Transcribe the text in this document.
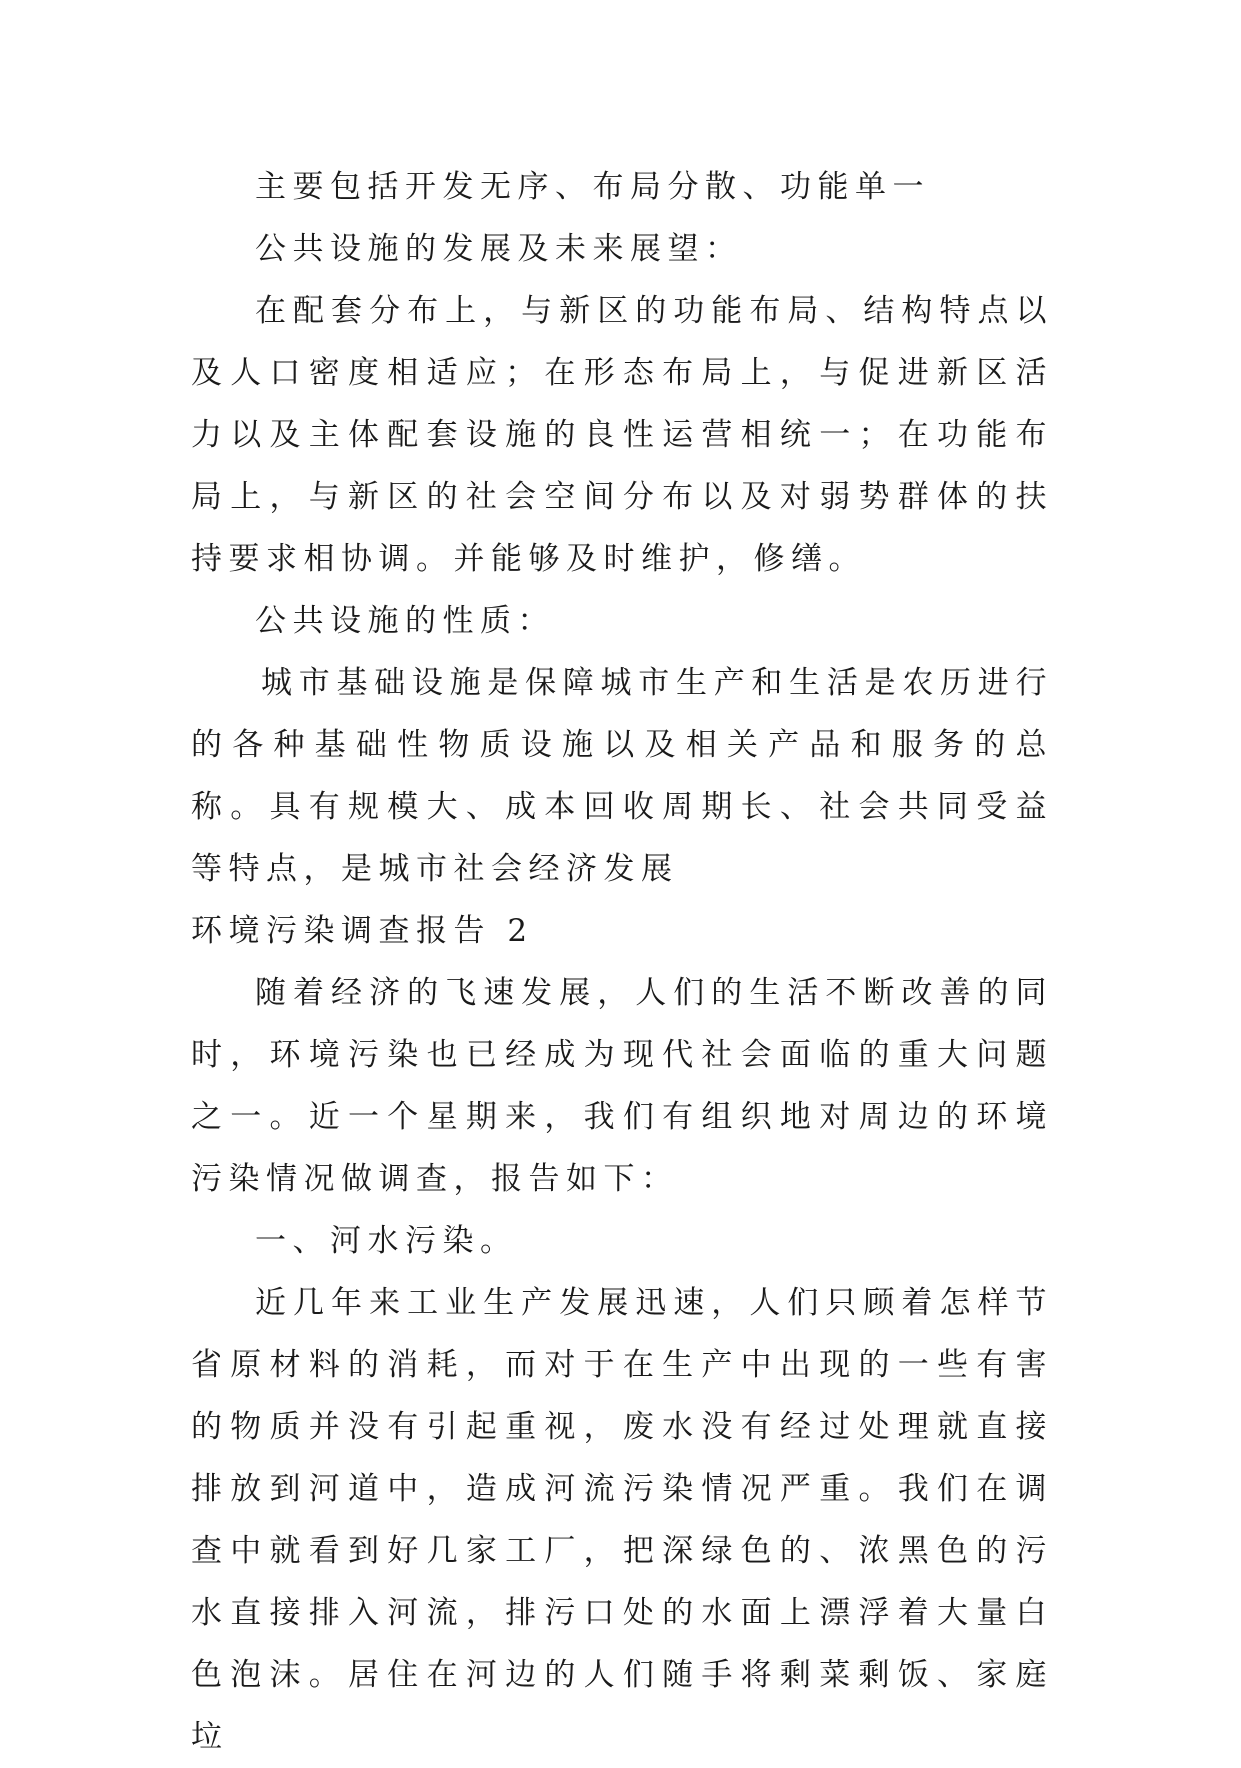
主要包括开发无序、布局分散、功能单一

公共设施的发展及未来展望：

在配套分布上，与新区的功能布局、结构特点以及人口密度相适应；在形态布局上，与促进新区活力以及主体配套设施的良性运营相统一；在功能布局上，与新区的社会空间分布以及对弱势群体的扶持要求相协调。并能够及时维护，修缮。

公共设施的性质：

城市基础设施是保障城市生产和生活是农历进行的各种基础性物质设施以及相关产品和服务的总称。具有规模大、成本回收周期长、社会共同受益等特点，是城市社会经济发展

环境污染调查报告 2

随着经济的飞速发展，人们的生活不断改善的同时，环境污染也已经成为现代社会面临的重大问题之一。近一个星期来，我们有组织地对周边的环境污染情况做调查，报告如下：

一、河水污染。

近几年来工业生产发展迅速，人们只顾着怎样节省原材料的消耗，而对于在生产中出现的一些有害的物质并没有引起重视，废水没有经过处理就直接排放到河道中，造成河流污染情况严重。我们在调查中就看到好几家工厂，把深绿色的、浓黑色的污水直接排入河流，排污口处的水面上漂浮着大量白色泡沫。居住在河边的人们随手将剩菜剩饭、家庭垃
